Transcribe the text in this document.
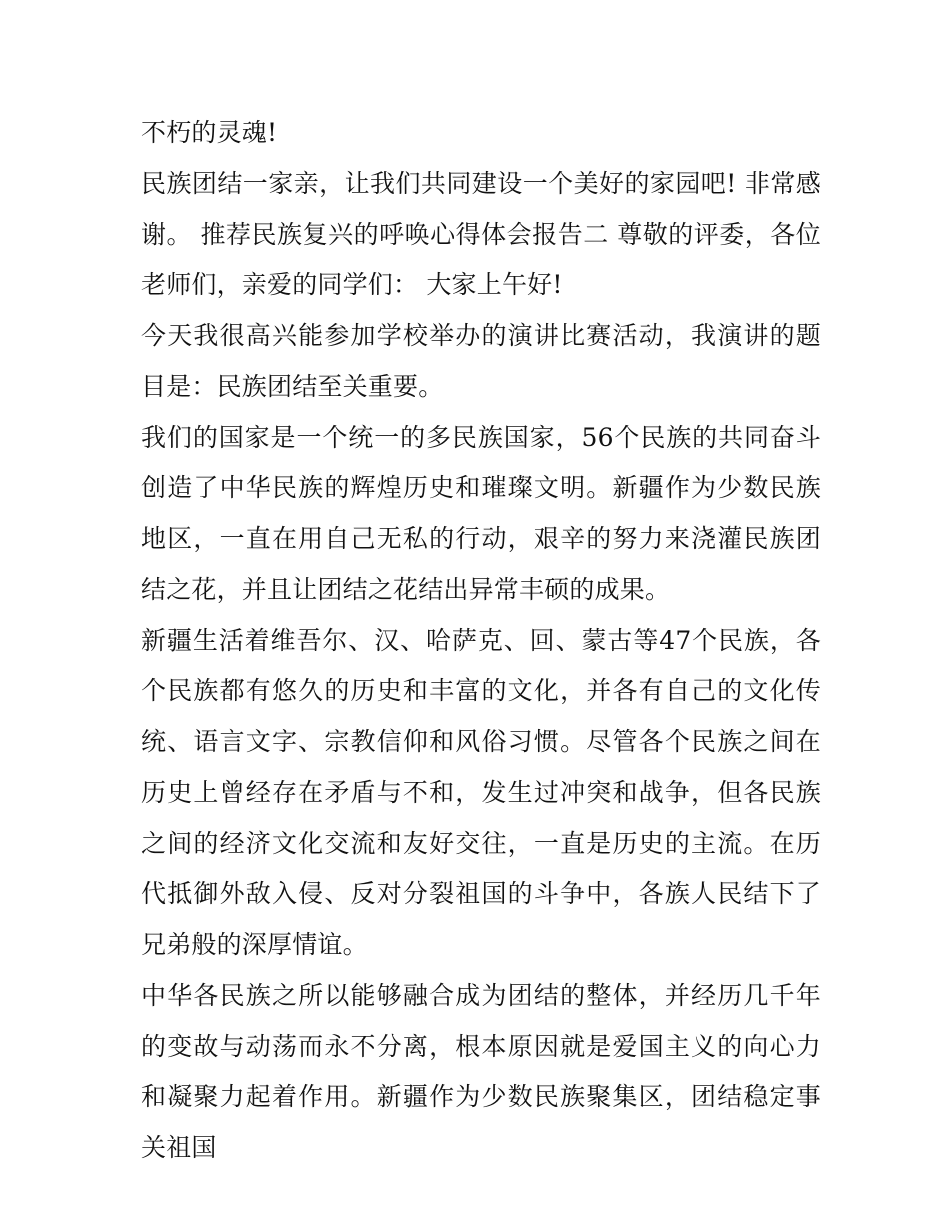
不朽的灵魂!

民族团结一家亲，让我们共同建设一个美好的家园吧! 非常感谢。 推荐民族复兴的呼唤心得体会报告二 尊敬的评委，各位老师们，亲爱的同学们： 大家上午好!

今天我很高兴能参加学校举办的演讲比赛活动，我演讲的题目是：民族团结至关重要。

我们的国家是一个统一的多民族国家，56个民族的共同奋斗创造了中华民族的辉煌历史和璀璨文明。新疆作为少数民族地区，一直在用自己无私的行动，艰辛的努力来浇灌民族团结之花，并且让团结之花结出异常丰硕的成果。

新疆生活着维吾尔、汉、哈萨克、回、蒙古等47个民族，各个民族都有悠久的历史和丰富的文化，并各有自己的文化传统、语言文字、宗教信仰和风俗习惯。尽管各个民族之间在历史上曾经存在矛盾与不和，发生过冲突和战争，但各民族之间的经济文化交流和友好交往，一直是历史的主流。在历代抵御外敌入侵、反对分裂祖国的斗争中，各族人民结下了兄弟般的深厚情谊。

中华各民族之所以能够融合成为团结的整体，并经历几千年的变故与动荡而永不分离，根本原因就是爱国主义的向心力和凝聚力起着作用。新疆作为少数民族聚集区，团结稳定事关祖国
